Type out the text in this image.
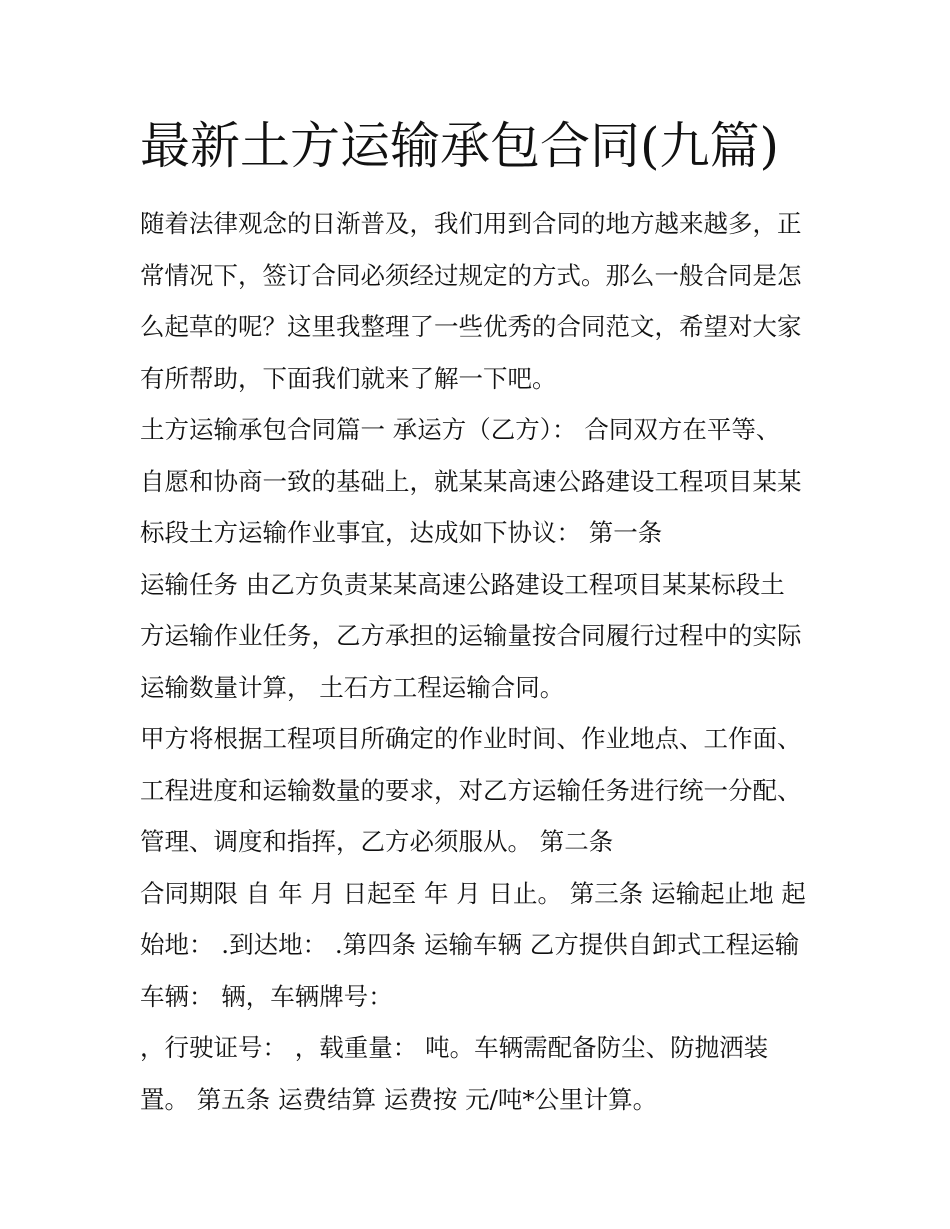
最新土方运输承包合同(九篇)
随着法律观念的日渐普及，我们用到合同的地方越来越多，正
常情况下，签订合同必须经过规定的方式。那么一般合同是怎
么起草的呢？这里我整理了一些优秀的合同范文，希望对大家
有所帮助，下面我们就来了解一下吧。
土方运输承包合同篇一 承运方（乙方）： 合同双方在平等、
自愿和协商一致的基础上，就某某高速公路建设工程项目某某
标段土方运输作业事宜，达成如下协议： 第一条
运输任务 由乙方负责某某高速公路建设工程项目某某标段土
方运输作业任务，乙方承担的运输量按合同履行过程中的实际
运输数量计算， 土石方工程运输合同。
甲方将根据工程项目所确定的作业时间、作业地点、工作面、
工程进度和运输数量的要求，对乙方运输任务进行统一分配、
管理、调度和指挥，乙方必须服从。 第二条
合同期限 自 年 月 日起至 年 月 日止。 第三条 运输起止地 起
始地： .到达地： .第四条 运输车辆 乙方提供自卸式工程运输
车辆： 辆，车辆牌号：
，行驶证号： ，载重量： 吨。车辆需配备防尘、防抛洒装
置。 第五条 运费结算 运费按 元/吨*公里计算。
